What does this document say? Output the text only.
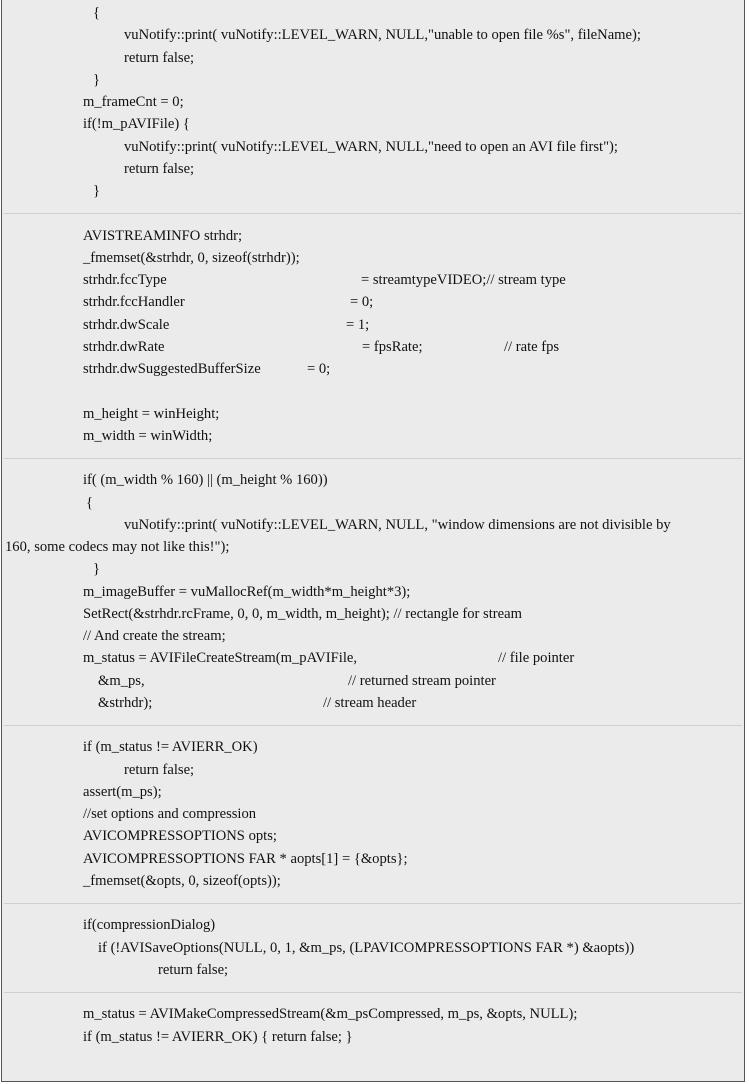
{
vuNotify::print( vuNotify::LEVEL_WARN, NULL,"unable to open file %s", fileName);
return false;
}
m_frameCnt = 0;
if(!m_pAVIFile) {
vuNotify::print( vuNotify::LEVEL_WARN, NULL,"need to open an AVI file first");
return false;
}
AVISTREAMINFO strhdr;
_fmemset(&strhdr, 0, sizeof(strhdr));
strhdr.fccType	= streamtypeVIDEO;// stream type
strhdr.fccHandler	= 0;
strhdr.dwScale	= 1;
strhdr.dwRate	= fpsRate;	// rate fps
strhdr.dwSuggestedBufferSize	= 0;
m_height = winHeight;
m_width = winWidth;
if( (m_width % 160) || (m_height % 160))
{
vuNotify::print( vuNotify::LEVEL_WARN, NULL, "window dimensions are not divisible by
160, some codecs may not like this!");
}
m_imageBuffer = vuMallocRef(m_width*m_height*3);
SetRect(&strhdr.rcFrame, 0, 0, m_width, m_height); // rectangle for stream
// And create the stream;
m_status = AVIFileCreateStream(m_pAVIFile,	// file pointer
&m_ps,	// returned stream pointer
&strhdr);	// stream header
if (m_status != AVIERR_OK)
return false;
assert(m_ps);
//set options and compression
AVICOMPRESSOPTIONS opts;
AVICOMPRESSOPTIONS FAR * aopts[1] = {&opts};
_fmemset(&opts, 0, sizeof(opts));
if(compressionDialog)
if (!AVISaveOptions(NULL, 0, 1, &m_ps, (LPAVICOMPRESSOPTIONS FAR *) &aopts))
return false;
m_status = AVIMakeCompressedStream(&m_psCompressed, m_ps, &opts, NULL);
if (m_status != AVIERR_OK) { return false; }
